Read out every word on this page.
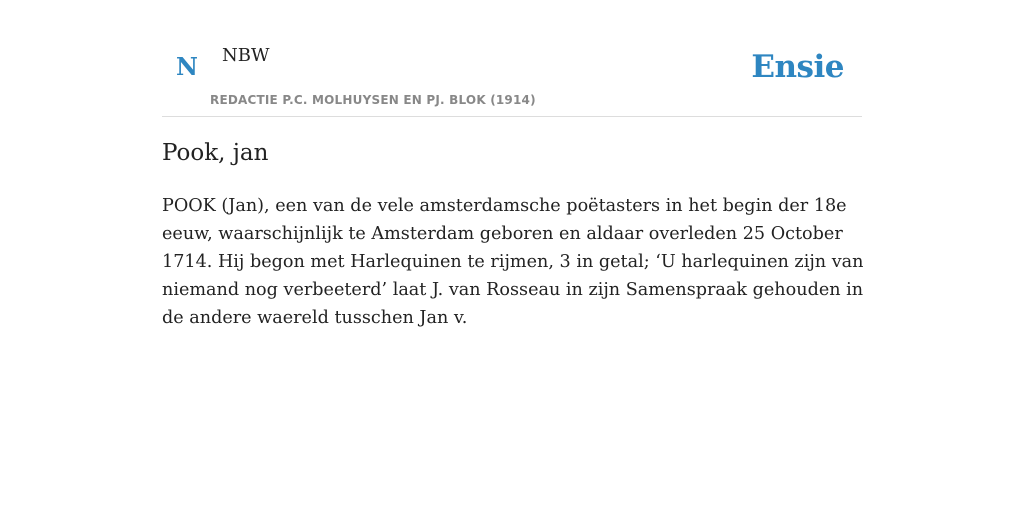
N NBW
REDACTIE P.C. MOLHUYSEN EN PJ. BLOK (1914)
Ensie
Pook, jan

POOK (Jan), een van de vele amsterdamsche poëtasters in het begin der 18e eeuw, waarschijnlijk te Amsterdam geboren en aldaar overleden 25 October 1714. Hij begon met Harlequinen te rijmen, 3 in getal; ‘U harlequinen zijn van niemand nog verbeeterd’ laat J. van Rosseau in zijn Samenspraak gehouden in de andere waereld tusschen Jan v.
